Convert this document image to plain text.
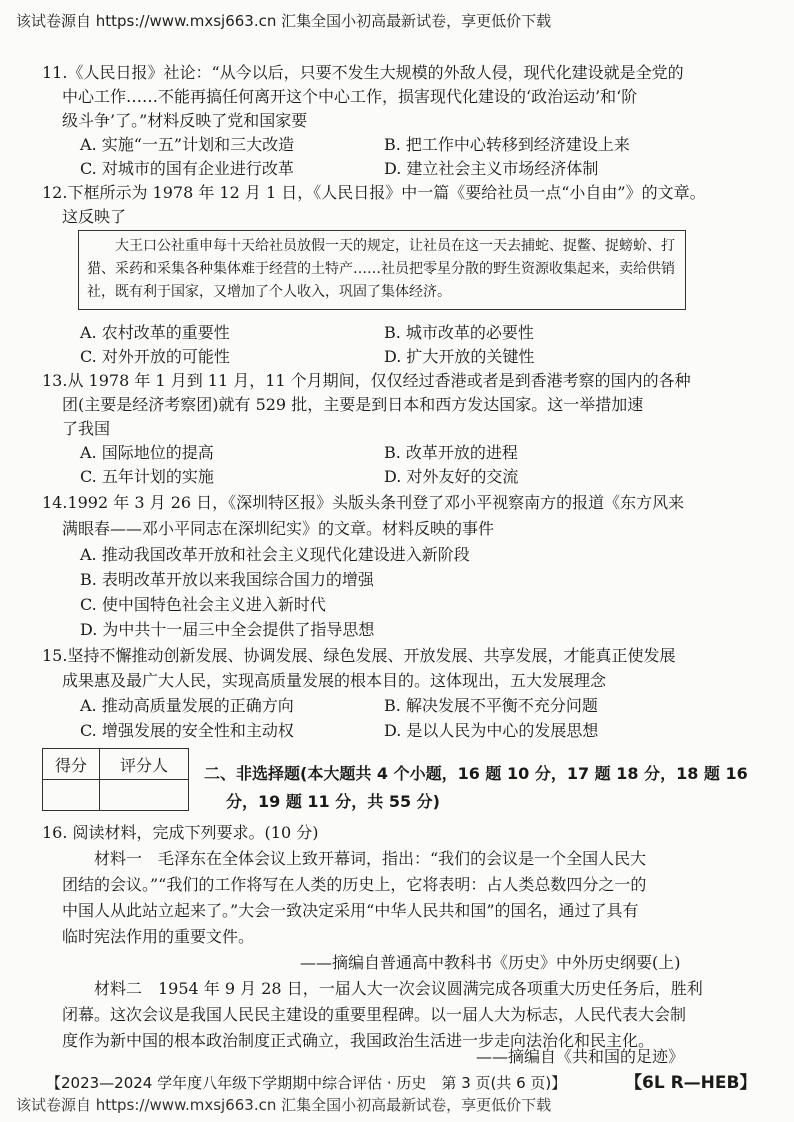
该试卷源自 https://www.mxsj663.cn 汇集全国小初高最新试卷，享更低价下载
11.《人民日报》社论：“从今以后，只要不发生大规模的外敌人侵，现代化建设就是全党的
中心工作……不能再搞任何离开这个中心工作，损害现代化建设的‘政治运动’和‘阶
级斗争’了。”材料反映了党和国家要
A. 实施“一五”计划和三大改造	B. 把工作中心转移到经济建设上来
C. 对城市的国有企业进行改革	D. 建立社会主义市场经济体制
12.下框所示为 1978 年 12 月 1 日，《人民日报》中一篇《要给社员一点“小自由”》的文章。
这反映了

大王口公社重申每十天给社员放假一天的规定，让社员在这一天去捕蛇、捉鳖、捉螃蚧、打

猎、采药和采集各种集体难于经营的土特产……社员把零星分散的野生资源收集起来，卖给供销

社，既有利于国家，又增加了个人收入，巩固了集体经济。

A. 农村改革的重要性	B. 城市改革的必要性
C. 对外开放的可能性	D. 扩大开放的关键性
13.从 1978 年 1 月到 11 月，11 个月期间，仅仅经过香港或者是到香港考察的国内的各种
团(主要是经济考察团)就有 529 批，主要是到日本和西方发达国家。这一举措加速
了我国
A. 国际地位的提高	B. 改革开放的进程
C. 五年计划的实施	D. 对外友好的交流
14.1992 年 3 月 26 日，《深圳特区报》头版头条刊登了邓小平视察南方的报道《东方风来
满眼春——邓小平同志在深圳纪实》的文章。材料反映的事件
A. 推动我国改革开放和社会主义现代化建设进入新阶段
B. 表明改革开放以来我国综合国力的增强
C. 使中国特色社会主义进入新时代
D. 为中共十一届三中全会提供了指导思想
15.坚持不懈推动创新发展、协调发展、绿色发展、开放发展、共享发展，才能真正使发展
成果惠及最广大人民，实现高质量发展的根本目的。这体现出，五大发展理念
A. 推动高质量发展的正确方向	B. 解决发展不平衡不充分问题
C. 增强发展的安全性和主动权	D. 是以人民为中心的发展思想
得分	评分人
	二、非选择题(本大题共 4 个小题，16 题 10 分，17 题 18 分，18 题 16
分，19 题 11 分，共 55 分)
16. 阅读材料，完成下列要求。(10 分)
材料一　毛泽东在全体会议上致开幕词，指出：“我们的会议是一个全国人民大
团结的会议。”“我们的工作将写在人类的历史上，它将表明：占人类总数四分之一的
中国人从此站立起来了。”大会一致决定采用“中华人民共和国”的国名，通过了具有
临时宪法作用的重要文件。
——摘编自普通高中教科书《历史》中外历史纲要(上)
材料二　1954 年 9 月 28 日，一届人大一次会议圆满完成各项重大历史任务后，胜利
闭幕。这次会议是我国人民民主建设的重要里程碑。以一届人大为标志，人民代表大会制
度作为新中国的根本政治制度正式确立，我国政治生活进一步走向法治化和民主化。
——摘编自《共和国的足迹》
【2023—2024 学年度八年级下学期期中综合评估 · 历史　第 3 页(共 6 页)】	【6L R—HEB】
该试卷源自 https://www.mxsj663.cn 汇集全国小初高最新试卷，享更低价下载
